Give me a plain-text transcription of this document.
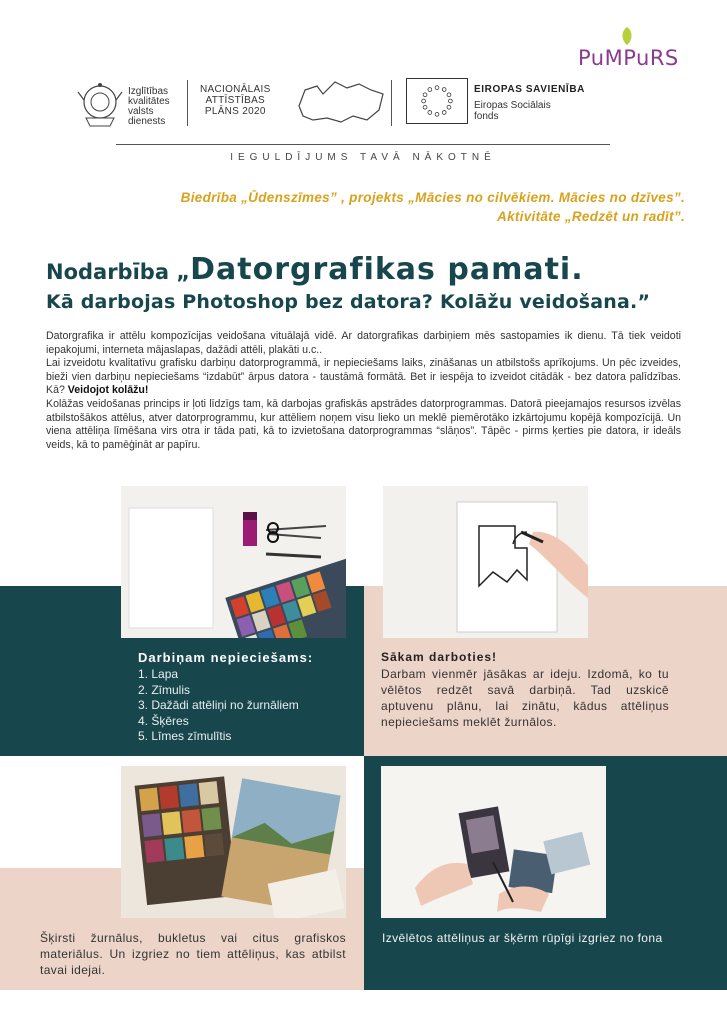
PuMPuRS
Izglītības
kvalitātes
valsts
dienests
NACIONĀLAIS
ATTĪSTĪBAS
PLĀNS 2020
EIROPAS SAVIENĪBA
Eiropas Sociālais
fonds
IEGULDĪJUMS TAVĀ NĀKOTNĒ
Biedrība „Ūdenszīmes” , projekts „Mācies no cilvēkiem. Mācies no dzīves”.
Aktivitāte „Redzēt un radīt”.
Nodarbība „Datorgrafikas pamati.
Kā darbojas Photoshop bez datora? Kolāžu veidošana.”

Datorgrafika ir attēlu kompozīcijas veidošana vituālajā vidē. Ar datorgrafikas darbiņiem mēs sastopamies ik dienu. Tā tiek veidoti iepakojumi, interneta mājaslapas, dažādi attēli, plakāti u.c..

Lai izveidotu kvalitatīvu grafisku darbiņu datorprogrammā, ir nepieciešams laiks, zināšanas un atbilstošs aprīkojums. Un pēc izveides, bieži vien darbiņu nepieciešams “izdabūt” ārpus datora - taustāmā formātā. Bet ir iespēja to izveidot citādāk - bez datora palīdzības. Kā? Veidojot kolāžu!

Kolāžas veidošanas princips ir ļoti līdzīgs tam, kā darbojas grafiskās apstrādes datorprogrammas. Datorā pieejamajos resursos izvēlas atbilstošākos attēlus, atver datorprogrammu, kur attēliem noņem visu lieko un meklē piemērotāko izkārtojumu kopējā kompozīcijā. Un viena attēliņa līmēšana virs otra ir tāda pati, kā to izvietošana datorprogrammas “slāņos”. Tāpēc - pirms ķerties pie datora, ir ideāls veids, kā to pamēģināt ar papīru.

Darbiņam nepieciešams:
1. Lapa
2. Zīmulis
3. Dažādi attēliņi no žurnāliem
4. Šķēres
5. Līmes zīmulītis
Sākam darboties!
Darbam vienmēr jāsākas ar ideju. Izdomā, ko tu vēlētos redzēt savā darbiņā. Tad uzskicē aptuvenu plānu, lai zinātu, kādus attēliņus nepieciešams meklēt žurnālos.
Šķirsti žurnālus, bukletus vai citus grafiskos materiālus. Un izgriez no tiem attēliņus, kas atbilst tavai idejai.
Izvēlētos attēliņus ar šķērm rūpīgi izgriez no fona
